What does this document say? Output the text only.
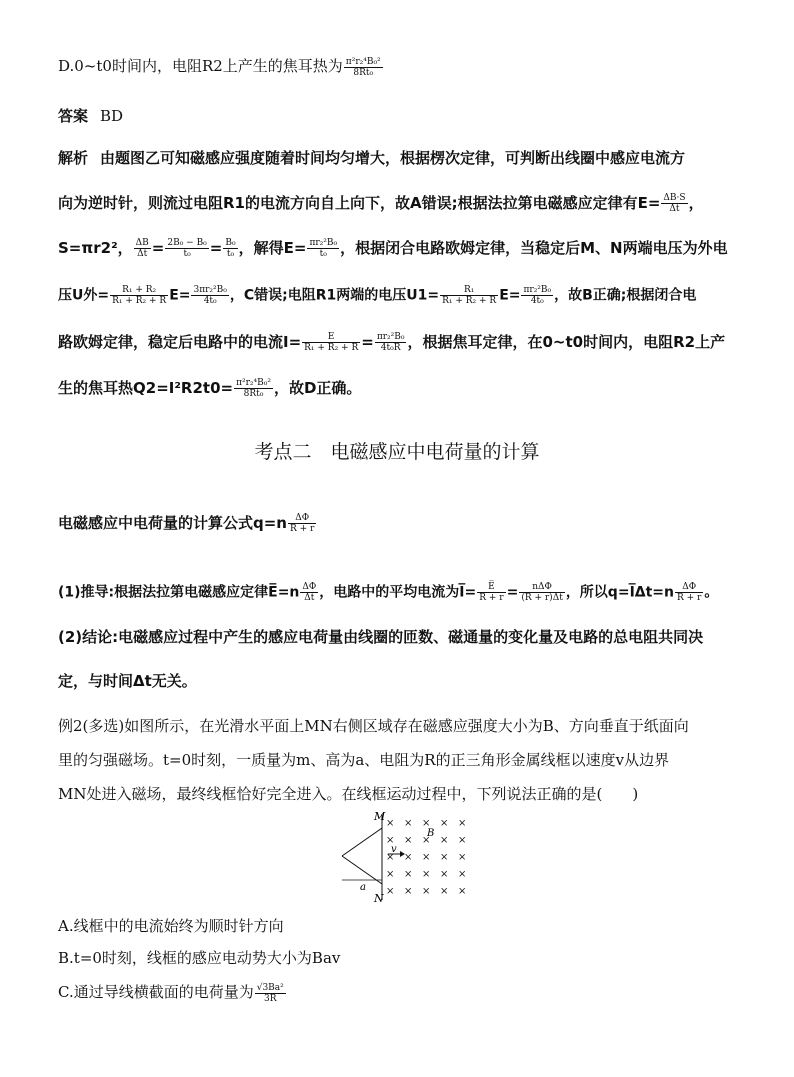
D.0~t0时间内，电阻R2上产生的焦耳热为 $\frac{\text{π²r₂⁴B₀²}}{\text{8Rt₀}}$
答案 BD
解析 由题图乙可知磁感应强度随着时间均匀增大，根据楞次定律，可判断出线圈中感应电流方
向为逆时针，则流过电阻R1的电流方向自上向下，故A错误;根据法拉第电磁感应定律有$E= \frac{\Delta B\cdot S}{\Delta t}$ ，
S=πr2²， $\frac{\Delta B}{\Delta t} = \frac{\text{2B₀ − B₀}}{\text{t₀}} = \frac{\text{B₀}}{\text{t₀}}$ ，解得$E= \frac{\text{πr₂²B₀}}{\text{t₀}}$ ，根据闭合电路欧姆定律，当稳定后M、N两端电压为外电
压U外= $\frac{\text{R₁ + R₂}}{\text{R₁ + R₂ + R}} E= \frac{\text{3πr₂²B₀}}{\text{4t₀}}$ ，C错误;电阻R1两端的电压$U1= \frac{\text{R₁}}{\text{R₁ + R₂ + R}} E= \frac{\text{πr₂²B₀}}{\text{4t₀}}$ ，故B正确;根据闭合电
路欧姆定律，稳定后电路中的电流$I= \frac{E}{\text{R₁ + R₂ + R}} = \frac{\text{πr₂²B₀}}{\text{4t₀R}}$ ，根据焦耳定律，在0~t0时间内，电阻R2上产
生的焦耳热$Q2=I^2R2t0= \frac{\text{π²r₂⁴B₀²}}{\text{8Rt₀}}$ ，故D正确。
考点二　电磁感应中电荷量的计算
电磁感应中电荷量的计算公式$q=n \frac{\Delta\Phi}{R + r}$
(1)推导:根据法拉第电磁感应定律E̅=n $\frac{\Delta\Phi}{\Delta t}$ ，电路中的平均电流为I̅= $\frac{E̅}{R + r} = \frac{\text{nΔΦ}}{(R + r)\Delta t}$ ，所以q=I̅Δt=n $\frac{\Delta\Phi}{R + r}$ 。
(2)结论:电磁感应过程中产生的感应电荷量由线圈的匝数、磁通量的变化量及电路的总电阻共同决
定，与时间Δt无关。
例2(多选)如图所示，在光滑水平面上MN右侧区域存在磁感应强度大小为B、方向垂直于纸面向
里的匀强磁场。t=0时刻，一质量为m、高为a、电阻为R的正三角形金属线框以速度v从边界
MN处进入磁场，最终线框恰好完全进入。在线框运动过程中，下列说法正确的是(　　)
M
N
B
v
a
× × × × ×
× × × × ×
× × × × ×
× × × × ×
× × × × ×
A.线框中的电流始终为顺时针方向
B.t=0时刻，线框的感应电动势大小为Bav
C.通过导线横截面的电荷量为 $\frac{\text{√3Ba²}}{3R}$
